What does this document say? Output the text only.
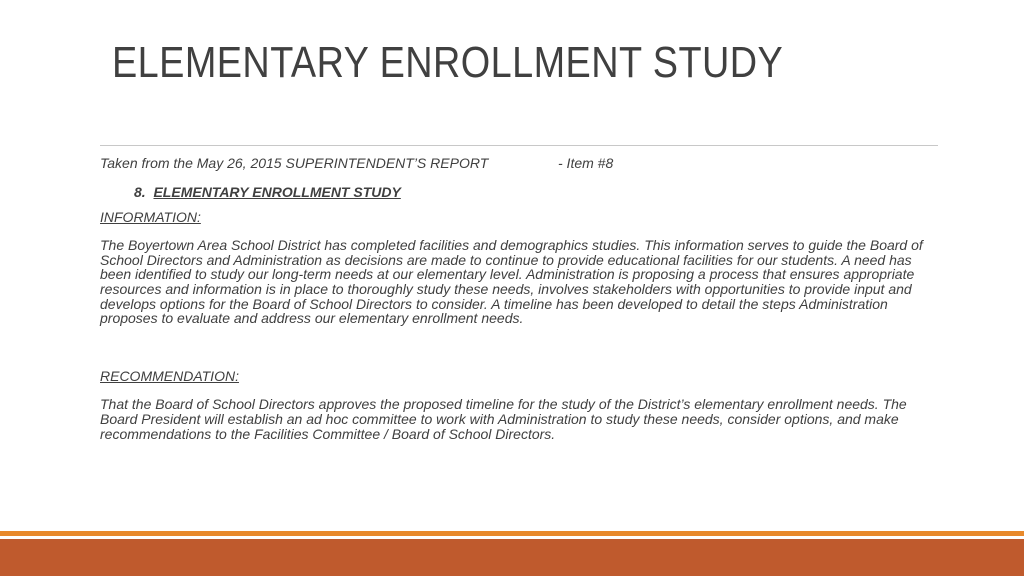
ELEMENTARY ENROLLMENT STUDY
Taken from the May 26, 2015 SUPERINTENDENT’S REPORT	- Item #8

8. ELEMENTARY ENROLLMENT STUDY

INFORMATION:

The Boyertown Area School District has completed facilities and demographics studies. This information serves to guide the Board of School Directors and Administration as decisions are made to continue to provide educational facilities for our students. A need has been identified to study our long-term needs at our elementary level. Administration is proposing a process that ensures appropriate resources and information is in place to thoroughly study these needs, involves stakeholders with opportunities to provide input and develops options for the Board of School Directors to consider. A timeline has been developed to detail the steps Administration proposes to evaluate and address our elementary enrollment needs.

RECOMMENDATION:

That the Board of School Directors approves the proposed timeline for the study of the District’s elementary enrollment needs. The Board President will establish an ad hoc committee to work with Administration to study these needs, consider options, and make recommendations to the Facilities Committee / Board of School Directors.
